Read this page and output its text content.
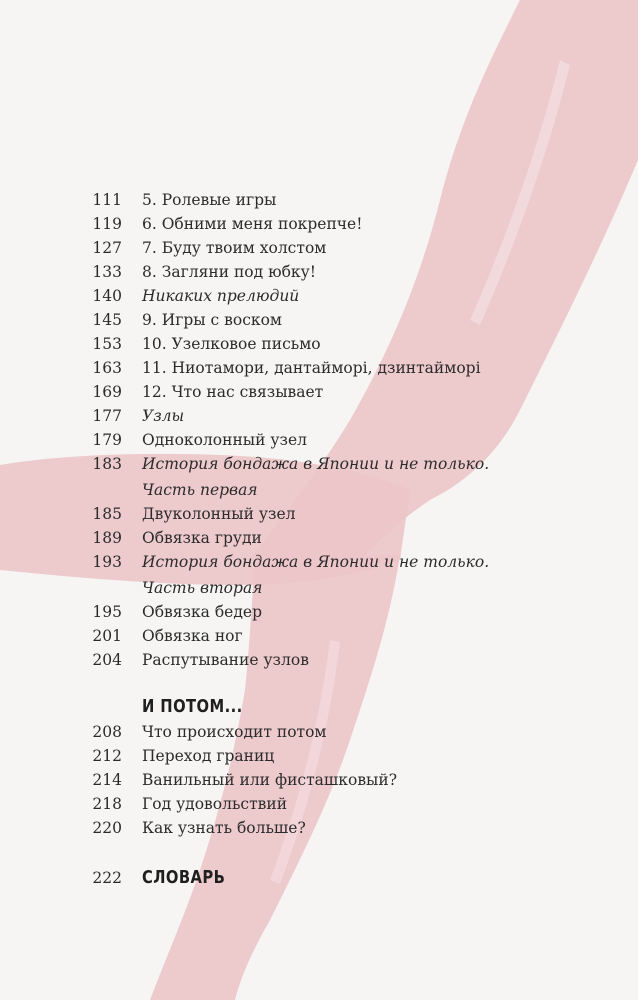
111 5. Ролевые игры
119 6. Обними меня покрепче!
127 7. Буду твоим холстом
133 8. Загляни под юбку!
140 Никаких прелюдий
145 9. Игры с воском
153 10. Узелковое письмо
163 11. Ниотамори, дантайморi, дзинтайморi
169 12. Что нас связывает
177 Узлы
179 Одноколонный узел
183 История бондажа в Японии и не только.
Часть первая
185 Двуколонный узел
189 Обвязка груди
193 История бондажа в Японии и не только.
Часть вторая
195 Обвязка бедер
201 Обвязка ног
204 Распутывание узлов
И ПОТОМ...
208 Что происходит потом
212 Переход границ
214 Ванильный или фисташковый?
218 Год удовольствий
220 Как узнать больше?
222 СЛОВАРЬ
